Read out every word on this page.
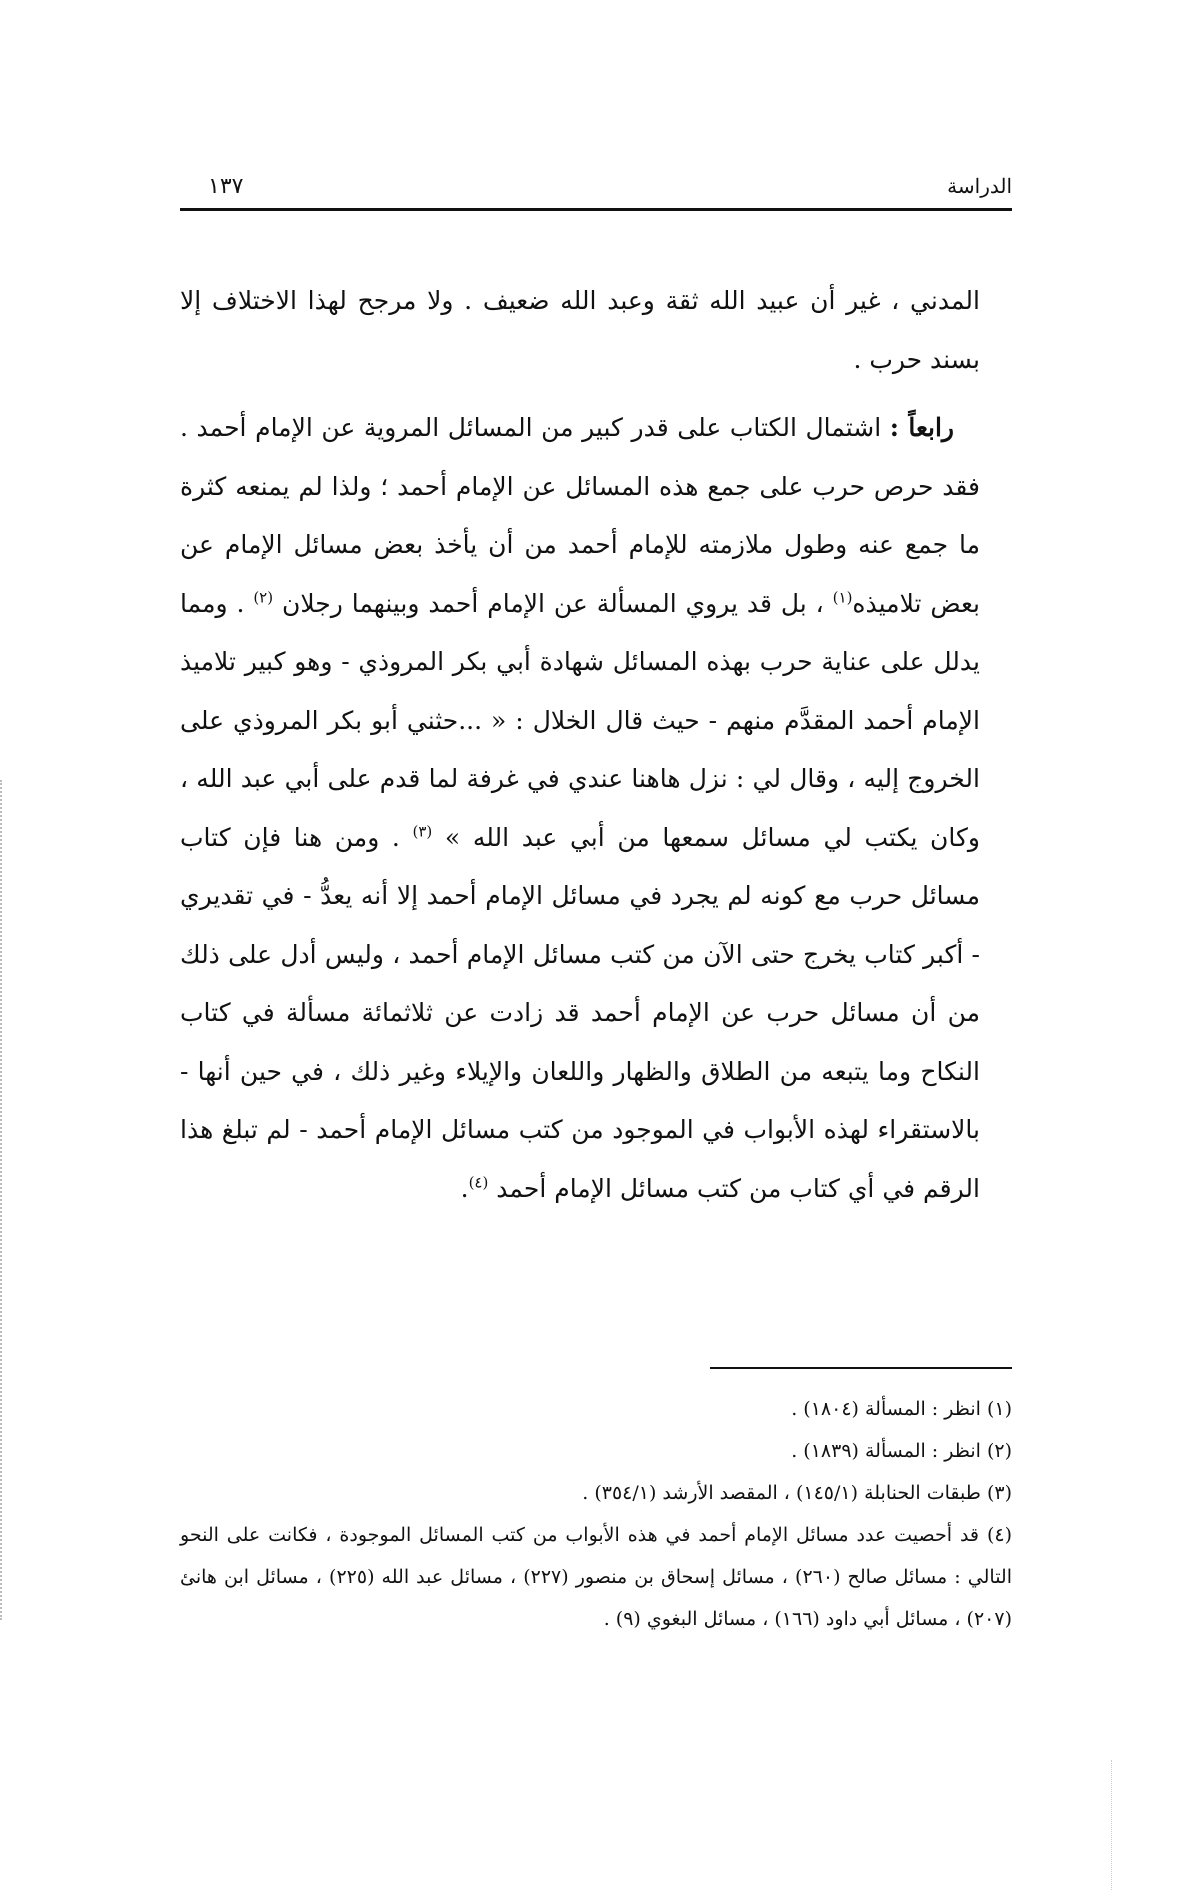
الدراسة
١٣٧

المدني ، غير أن عبيد الله ثقة وعبد الله ضعيف . ولا مرجح لهذا الاختلاف إلا بسند حرب .

رابعاً : اشتمال الكتاب على قدر كبير من المسائل المروية عن الإمام أحمد . فقد حرص حرب على جمع هذه المسائل عن الإمام أحمد ؛ ولذا لم يمنعه كثرة ما جمع عنه وطول ملازمته للإمام أحمد من أن يأخذ بعض مسائل الإمام عن بعض تلاميذه$^{(١)}$ ، بل قد يروي المسألة عن الإمام أحمد وبينهما رجلان $^{(٢)}$ . ومما يدلل على عناية حرب بهذه المسائل شهادة أبي بكر المروذي - وهو كبير تلاميذ الإمام أحمد المقدَّم منهم - حيث قال الخلال : « ...حثني أبو بكر المروذي على الخروج إليه ، وقال لي : نزل هاهنا عندي في غرفة لما قدم على أبي عبد الله ، وكان يكتب لي مسائل سمعها من أبي عبد الله » $^{(٣)}$ . ومن هنا فإن كتاب مسائل حرب مع كونه لم يجرد في مسائل الإمام أحمد إلا أنه يعدُّ - في تقديري - أكبر كتاب يخرج حتى الآن من كتب مسائل الإمام أحمد ، وليس أدل على ذلك من أن مسائل حرب عن الإمام أحمد قد زادت عن ثلاثمائة مسألة في كتاب النكاح وما يتبعه من الطلاق والظهار واللعان والإيلاء وغير ذلك ، في حين أنها - بالاستقراء لهذه الأبواب في الموجود من كتب مسائل الإمام أحمد - لم تبلغ هذا الرقم في أي كتاب من كتب مسائل الإمام أحمد $^{(٤)}$.

(١) انظر : المسألة (١٨٠٤) .

(٢) انظر : المسألة (١٨٣٩) .

(٣) طبقات الحنابلة (١٤٥/١) ، المقصد الأرشد (٣٥٤/١) .

(٤) قد أحصيت عدد مسائل الإمام أحمد في هذه الأبواب من كتب المسائل الموجودة ، فكانت على النحو التالي : مسائل صالح (٢٦٠) ، مسائل إسحاق بن منصور (٢٢٧) ، مسائل عبد الله (٢٢٥) ، مسائل ابن هانئ (٢٠٧) ، مسائل أبي داود (١٦٦) ، مسائل البغوي (٩) .
